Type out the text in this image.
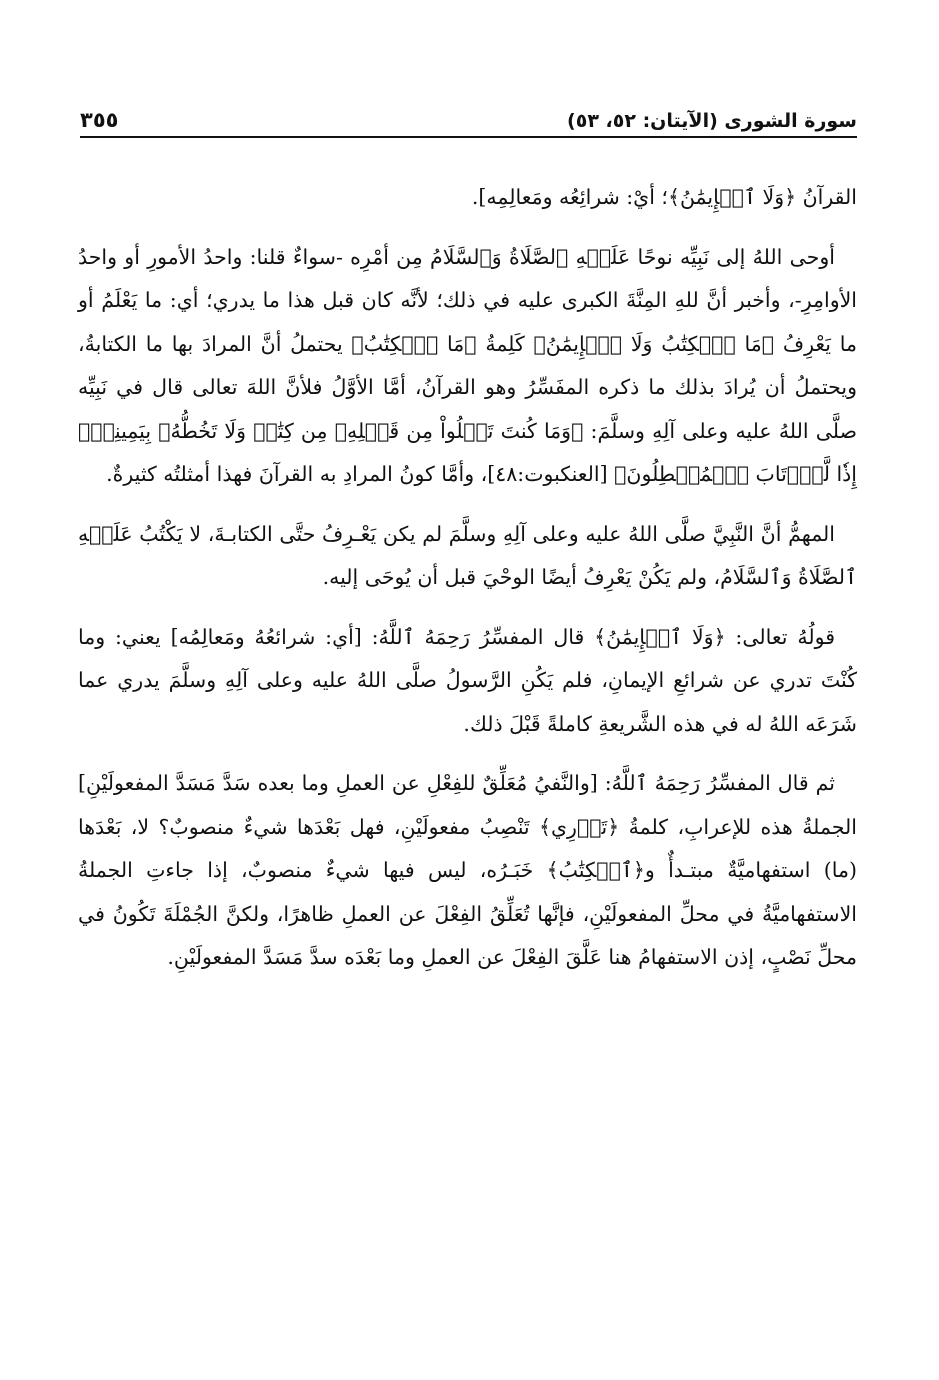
سورة الشورى (الآيتان: ٥٢، ٥٣)
٣٥٥

القرآنُ ﴿وَلَا ٱلۡإِيمَٰنُ﴾؛ أيْ: شرائِعُه ومَعالِمِه].

أوحى اللهُ إلى نَبِيِّه نوحًا عَلَيۡهِ ٱلصَّلَاةُ وَٱلسَّلَامُ مِن أمْرِه -سواءٌ قلنا: واحدُ الأمورِ أو واحدُ الأوامِرِ-، وأخبر أنَّ للهِ المِنَّةَ الكبرى عليه في ذلك؛ لأنَّه كان قبل هذا ما يدري؛ أي: ما يَعْلَمُ أو ما يَعْرِفُ ﴿مَا ٱلۡكِتَٰبُ وَلَا ٱلۡإِيمَٰنُ﴾ كَلِمةُ ﴿مَا ٱلۡكِتَٰبُ﴾ يحتملُ أنَّ المرادَ بها ما الكتابةُ، ويحتملُ أن يُرادَ بذلك ما ذكره المفَسِّرُ وهو القرآنُ، أمَّا الأوَّلُ فلأنَّ اللهَ تعالى قال في نَبِيِّه صلَّى اللهُ عليه وعلى آلِهِ وسلَّمَ: ﴿وَمَا كُنتَ تَتۡلُواْ مِن قَبۡلِهِۦ مِن كِتَٰبٖ وَلَا تَخُطُّهُۥ بِيَمِينِكَۖ إِذٗا لَّٱرۡتَابَ ٱلۡمُبۡطِلُونَ﴾ [العنكبوت:٤٨]، وأمَّا كونُ المرادِ به القرآنَ فهذا أمثلتُه كثيرةٌ.

المهمُّ أنَّ النَّبِيَّ صلَّى اللهُ عليه وعلى آلِهِ وسلَّمَ لم يكن يَعْـرِفُ حتَّى الكتابـةَ، لا يَكْتُبُ عَلَيۡهِ ٱلصَّلَاةُ وَٱلسَّلَامُ، ولم يَكُنْ يَعْرِفُ أيضًا الوحْيَ قبل أن يُوحَى إليه.

قولُهُ تعالى: ﴿وَلَا ٱلۡإِيمَٰنُ﴾ قال المفسِّرُ رَحِمَهُ ٱللَّهُ: [أي: شرائعُهُ ومَعالِمُه] يعني: وما كُنْتَ تدري عن شرائعِ الإيمانِ، فلم يَكُنِ الرَّسولُ صلَّى اللهُ عليه وعلى آلِهِ وسلَّمَ يدري عما شَرَعَه اللهُ له في هذه الشَّريعةِ كاملةً قَبْلَ ذلك.

ثم قال المفسِّرُ رَحِمَهُ ٱللَّهُ: [والنَّفيُ مُعَلِّقٌ للفِعْلِ عن العملِ وما بعده سَدَّ مَسَدَّ المفعولَيْنِ] الجملةُ هذه للإعرابِ، كلمةُ ﴿تَدۡرِي﴾ تَنْصِبُ مفعولَيْنِ، فهل بَعْدَها شيءٌ منصوبٌ؟ لا، بَعْدَها (ما) استفهاميَّةٌ مبتـدأٌ و﴿ٱلۡكِتَٰبُ﴾ خَبَـرُه، ليس فيها شيءٌ منصوبٌ، إذا جاءتِ الجملةُ الاستفهاميَّةُ في محلِّ المفعولَيْنِ، فإنَّها تُعَلِّقُ الفِعْلَ عن العملِ ظاهرًا، ولكنَّ الجُمْلَةَ تَكُونُ في محلِّ نَصْبٍ، إذن الاستفهامُ هنا عَلَّقَ الفِعْلَ عن العملِ وما بَعْدَه سدَّ مَسَدَّ المفعولَيْنِ.
